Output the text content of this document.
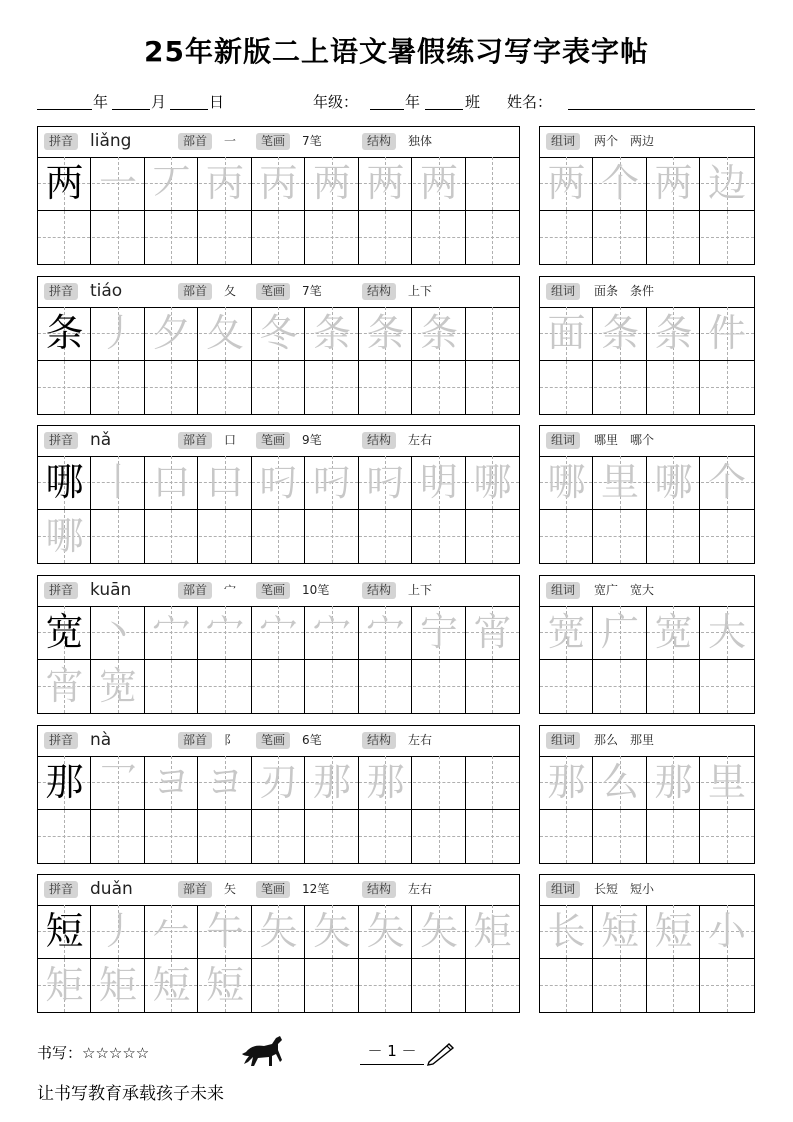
25年新版二上语文暑假练习写字表字帖
年	月	日	年级：	年	班 姓名：
拼音 liǎng	部首	一	笔画	7笔	结构	独体
两 一 丆 丙 丙 两 两 两
组词	两个　两边
两 个 两 边
拼音 tiáo	部首	夂	笔画	7笔	结构	上下
条 丿 夕 夂 冬 条 条 条
组词	面条　条件
面 条 条 件
拼音 nǎ	部首	口	笔画	9笔	结构	左右
哪 丨 口 口 叼 叼 叼 明 哪
哪
组词	哪里　哪个
哪 里 哪 个
拼音 kuān	部首	宀	笔画	10笔	结构	上下
宽 丶 宀 宀 宀 宀 宀 宁 宵
宵 宽
组词	宽广　宽大
宽 广 宽 大
拼音 nà	部首	阝	笔画	6笔	结构	左右
那 乛 ヨ ヨ 刃 那 那
组词	那么　那里
那 么 那 里
拼音 duǎn	部首	矢	笔画	12笔	结构	左右
短 丿 𠂉 午 矢 矢 矢 矢 矩
矩 矩 短 短
组词	长短　短小
长 短 短 小
书写：☆☆☆☆☆	－ 1 －
让书写教育承载孩子未来
